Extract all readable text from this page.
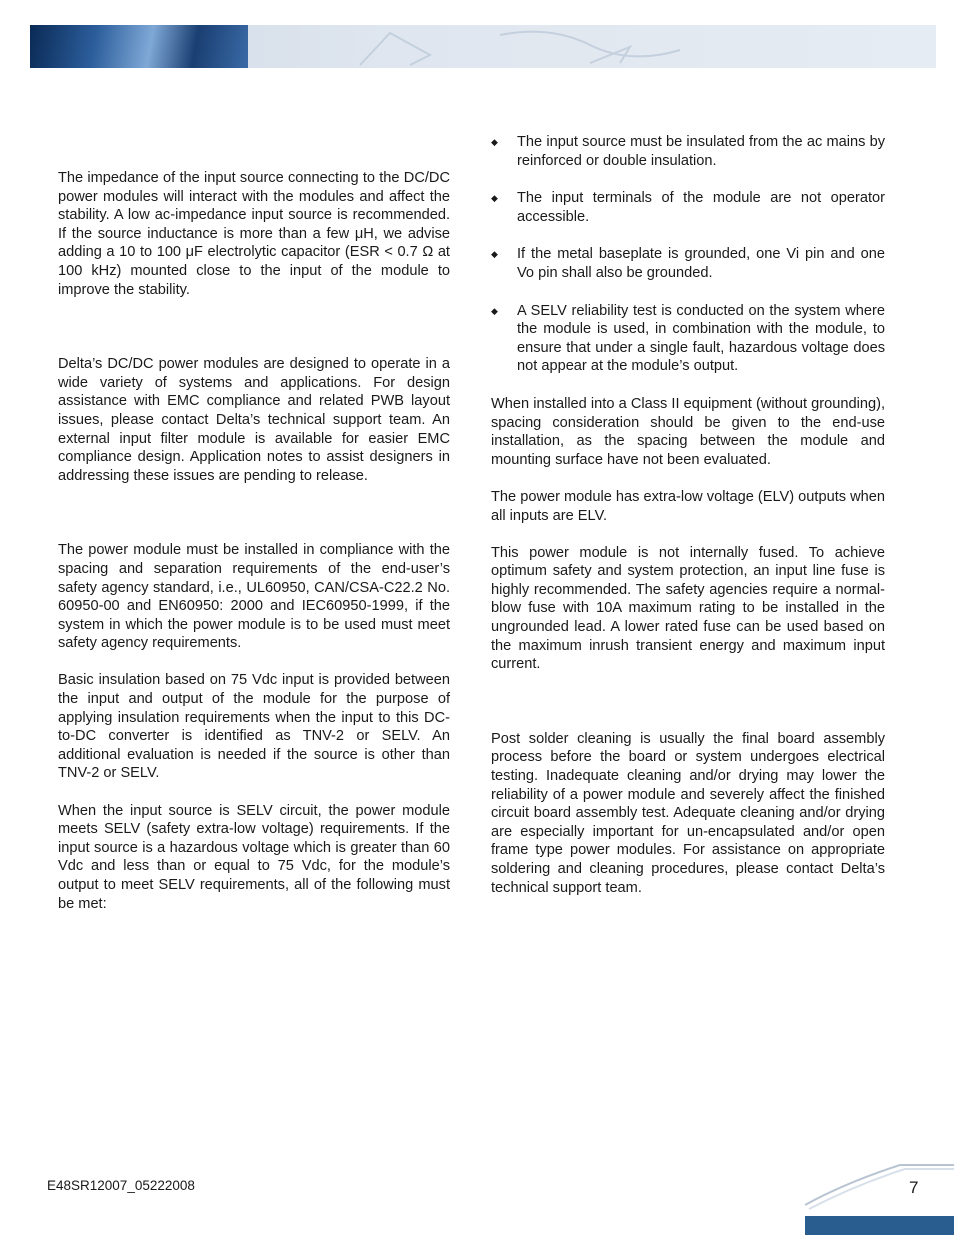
The impedance of the input source connecting to the DC/DC power modules will interact with the modules and affect the stability. A low ac-impedance input source is recommended. If the source inductance is more than a few μH, we advise adding a 10 to 100 μF electrolytic capacitor (ESR < 0.7 Ω at 100 kHz) mounted close to the input of the module to improve the stability.

Delta’s DC/DC power modules are designed to operate in a wide variety of systems and applications. For design assistance with EMC compliance and related PWB layout issues, please contact Delta’s technical support team. An external input filter module is available for easier EMC compliance design. Application notes to assist designers in addressing these issues are pending to release.

The power module must be installed in compliance with the spacing and separation requirements of the end-user’s safety agency standard, i.e., UL60950, CAN/CSA-C22.2 No. 60950-00 and EN60950: 2000 and IEC60950-1999, if the system in which the power module is to be used must meet safety agency requirements.

Basic insulation based on 75 Vdc input is provided between the input and output of the module for the purpose of applying insulation requirements when the input to this DC-to-DC converter is identified as TNV-2 or SELV. An additional evaluation is needed if the source is other than TNV-2 or SELV.

When the input source is SELV circuit, the power module meets SELV (safety extra-low voltage) requirements. If the input source is a hazardous voltage which is greater than 60 Vdc and less than or equal to 75 Vdc, for the module’s output to meet SELV requirements, all of the following must be met:

◆ The input source must be insulated from the ac mains by reinforced or double insulation.
◆ The input terminals of the module are not operator accessible.
◆ If the metal baseplate is grounded, one Vi pin and one Vo pin shall also be grounded.
◆ A SELV reliability test is conducted on the system where the module is used, in combination with the module, to ensure that under a single fault, hazardous voltage does not appear at the module’s output.

When installed into a Class II equipment (without grounding), spacing consideration should be given to the end-use installation, as the spacing between the module and mounting surface have not been evaluated.

The power module has extra-low voltage (ELV) outputs when all inputs are ELV.

This power module is not internally fused. To achieve optimum safety and system protection, an input line fuse is highly recommended. The safety agencies require a normal-blow fuse with 10A maximum rating to be installed in the ungrounded lead. A lower rated fuse can be used based on the maximum inrush transient energy and maximum input current.

Post solder cleaning is usually the final board assembly process before the board or system undergoes electrical testing. Inadequate cleaning and/or drying may lower the reliability of a power module and severely affect the finished circuit board assembly test. Adequate cleaning and/or drying are especially important for un-encapsulated and/or open frame type power modules. For assistance on appropriate soldering and cleaning procedures, please contact Delta’s technical support team.

E48SR12007_05222008	7
